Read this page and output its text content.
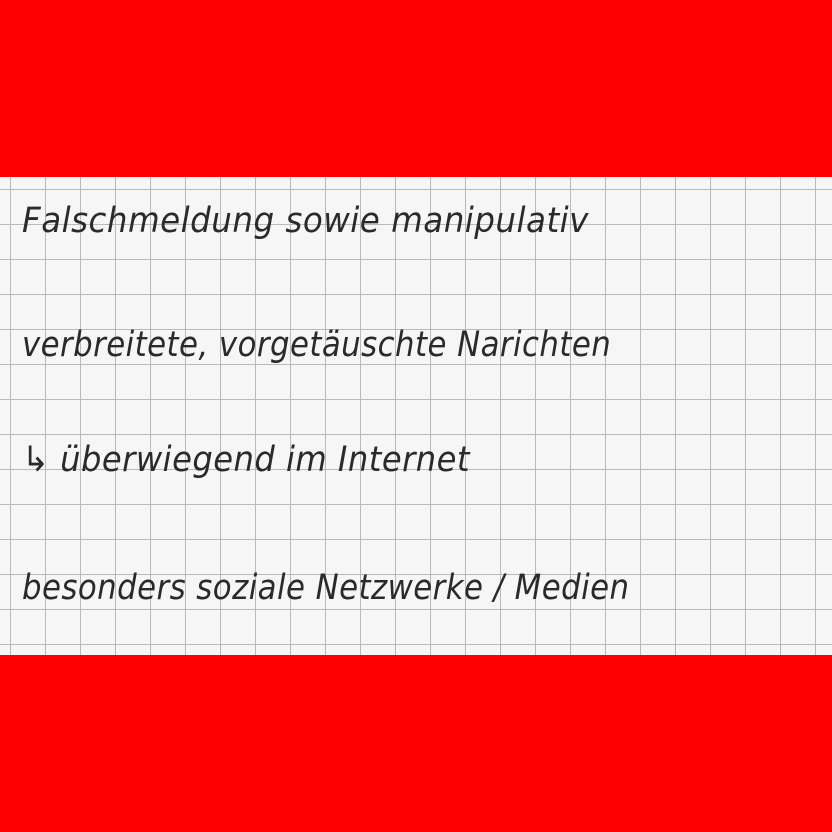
Falschmeldung sowie manipulativ
verbreitete, vorgetäuschte Narichten
↳ überwiegend im Internet
besonders soziale Netzwerke / Medien
